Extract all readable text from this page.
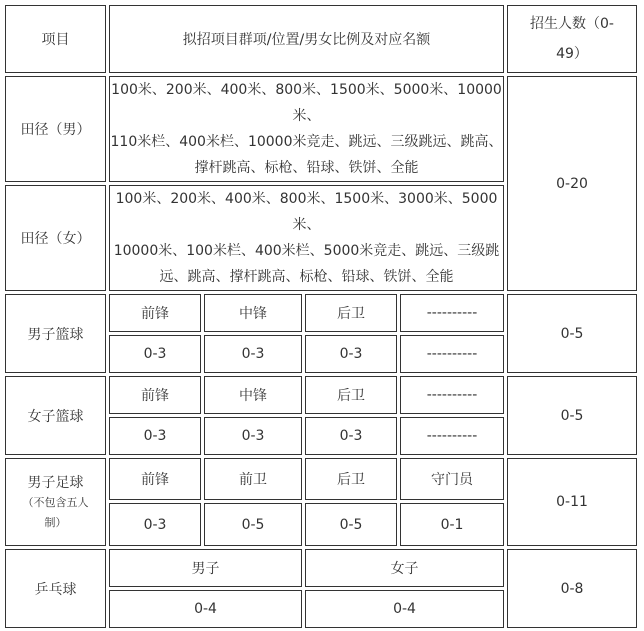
项目	拟招项目群项/位置/男女比例及对应名额				招生人数（0-
49）

田径（男）	100米、200米、400米、800米、1500米、5000米、10000米、
110米栏、400米栏、10000米竞走、跳远、三级跳远、跳高、
撑杆跳高、标枪、铅球、铁饼、全能				0-20
田径（女）	100米、200米、400米、800米、1500米、3000米、5000米、
10000米、100米栏、400米栏、5000米竞走、跳远、三级跳
远、跳高、撑杆跳高、标枪、铅球、铁饼、全能				

男子篮球	前锋	中锋	后卫	----------	0-5
	0-3	0-3	0-3	----------	
女子篮球	前锋	中锋	后卫	----------	0-5
	0-3	0-3	0-3	----------	
男子足球
（不包含五人
制）	前锋	前卫	后卫	守门员	0-11
	0-3	0-5	0-5	0-1	
乒乓球	男子		女子		0-8
	0-4		0-4		
